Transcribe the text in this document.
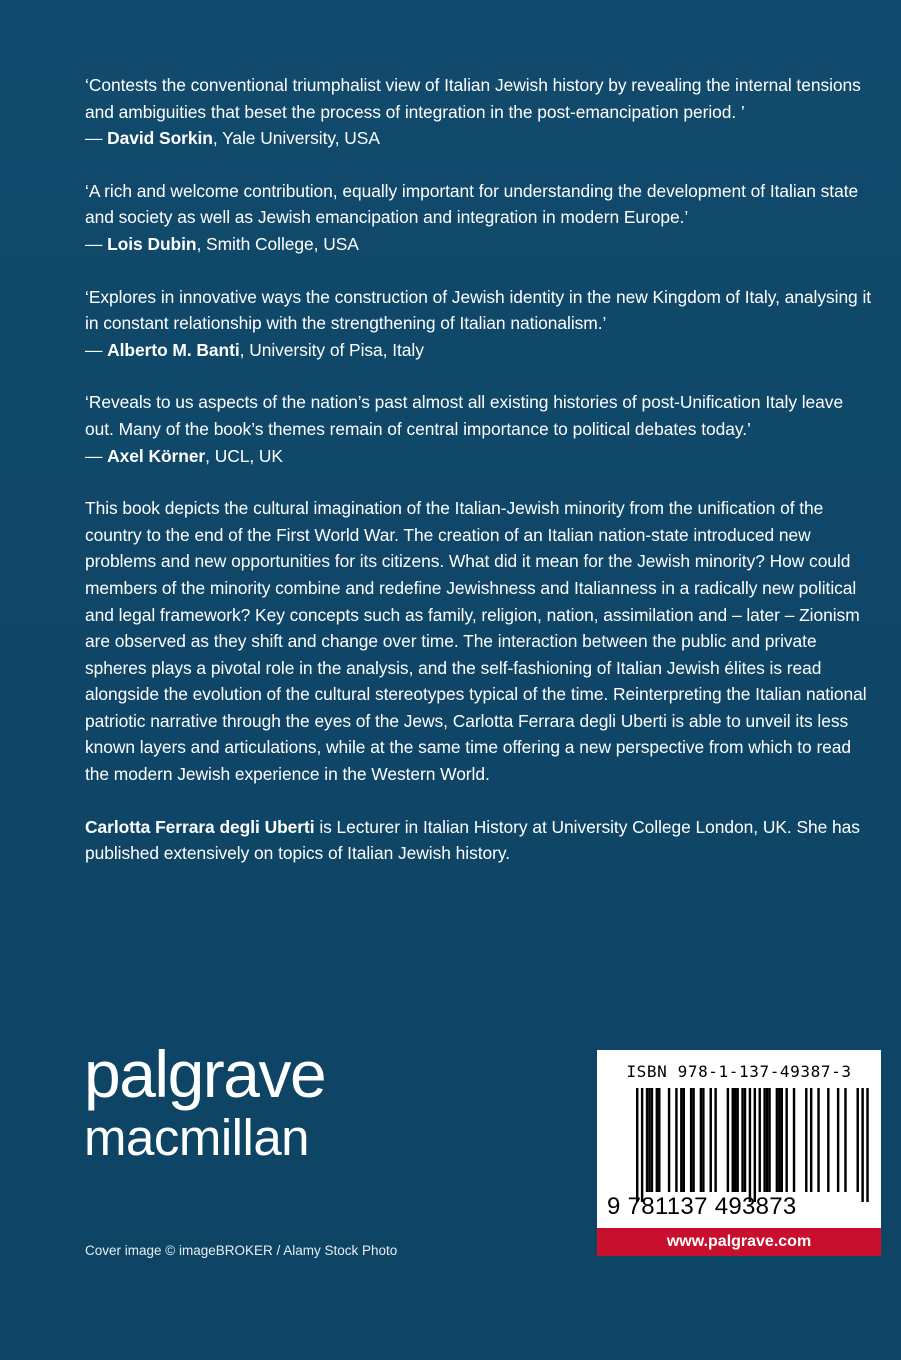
‘Contests the conventional triumphalist view of Italian Jewish history by revealing the internal tensions and ambiguities that beset the process of integration in the post-emancipation period. ’

— David Sorkin, Yale University, USA

‘A rich and welcome contribution, equally important for understanding the development of Italian state and society as well as Jewish emancipation and integration in modern Europe.’

— Lois Dubin, Smith College, USA

‘Explores in innovative ways the construction of Jewish identity in the new Kingdom of Italy, analysing it in constant relationship with the strengthening of Italian nationalism.’

— Alberto M. Banti, University of Pisa, Italy

‘Reveals to us aspects of the nation’s past almost all existing histories of post-Unification Italy leave out. Many of the book’s themes remain of central importance to political debates today.’

— Axel Körner, UCL, UK

This book depicts the cultural imagination of the Italian-Jewish minority from the unification of the country to the end of the First World War. The creation of an Italian nation-state introduced new problems and new opportunities for its citizens. What did it mean for the Jewish minority? How could members of the minority combine and redefine Jewishness and Italianness in a radically new political and legal framework? Key concepts such as family, religion, nation, assimilation and – later – Zionism are observed as they shift and change over time. The interaction between the public and private spheres plays a pivotal role in the analysis, and the self-fashioning of Italian Jewish élites is read alongside the evolution of the cultural stereotypes typical of the time. Reinterpreting the Italian national patriotic narrative through the eyes of the Jews, Carlotta Ferrara degli Uberti is able to unveil its less known layers and articulations, while at the same time offering a new perspective from which to read the modern Jewish experience in the Western World.

Carlotta Ferrara degli Uberti is Lecturer in Italian History at University College London, UK. She has published extensively on topics of Italian Jewish history.

palgrave
macmillan
Cover image © imageBROKER / Alamy Stock Photo
ISBN 978-1-137-49387-3
9 781137 493873
www.palgrave.com
